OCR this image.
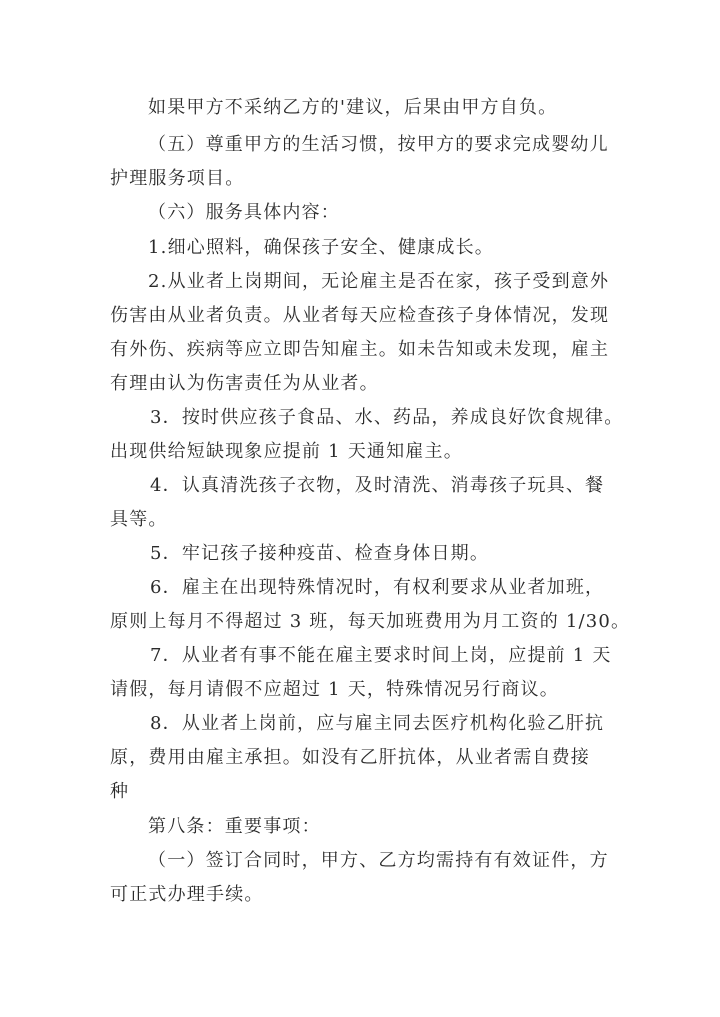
如果甲方不采纳乙方的'建议，后果由甲方自负。
（五）尊重甲方的生活习惯，按甲方的要求完成婴幼儿
护理服务项目。
（六）服务具体内容：
1.细心照料，确保孩子安全、健康成长。
2.从业者上岗期间，无论雇主是否在家，孩子受到意外
伤害由从业者负责。从业者每天应检查孩子身体情况，发现
有外伤、疾病等应立即告知雇主。如未告知或未发现，雇主
有理由认为伤害责任为从业者。
3．按时供应孩子食品、水、药品，养成良好饮食规律。
出现供给短缺现象应提前 1 天通知雇主。
4．认真清洗孩子衣物，及时清洗、消毒孩子玩具、餐
具等。
5．牢记孩子接种疫苗、检查身体日期。
6．雇主在出现特殊情况时，有权利要求从业者加班，
原则上每月不得超过 3 班，每天加班费用为月工资的 1/30。
7．从业者有事不能在雇主要求时间上岗，应提前 1 天
请假，每月请假不应超过 1 天，特殊情况另行商议。
8．从业者上岗前，应与雇主同去医疗机构化验乙肝抗
原，费用由雇主承担。如没有乙肝抗体，从业者需自费接
种
第八条：重要事项：
（一）签订合同时，甲方、乙方均需持有有效证件，方
可正式办理手续。
